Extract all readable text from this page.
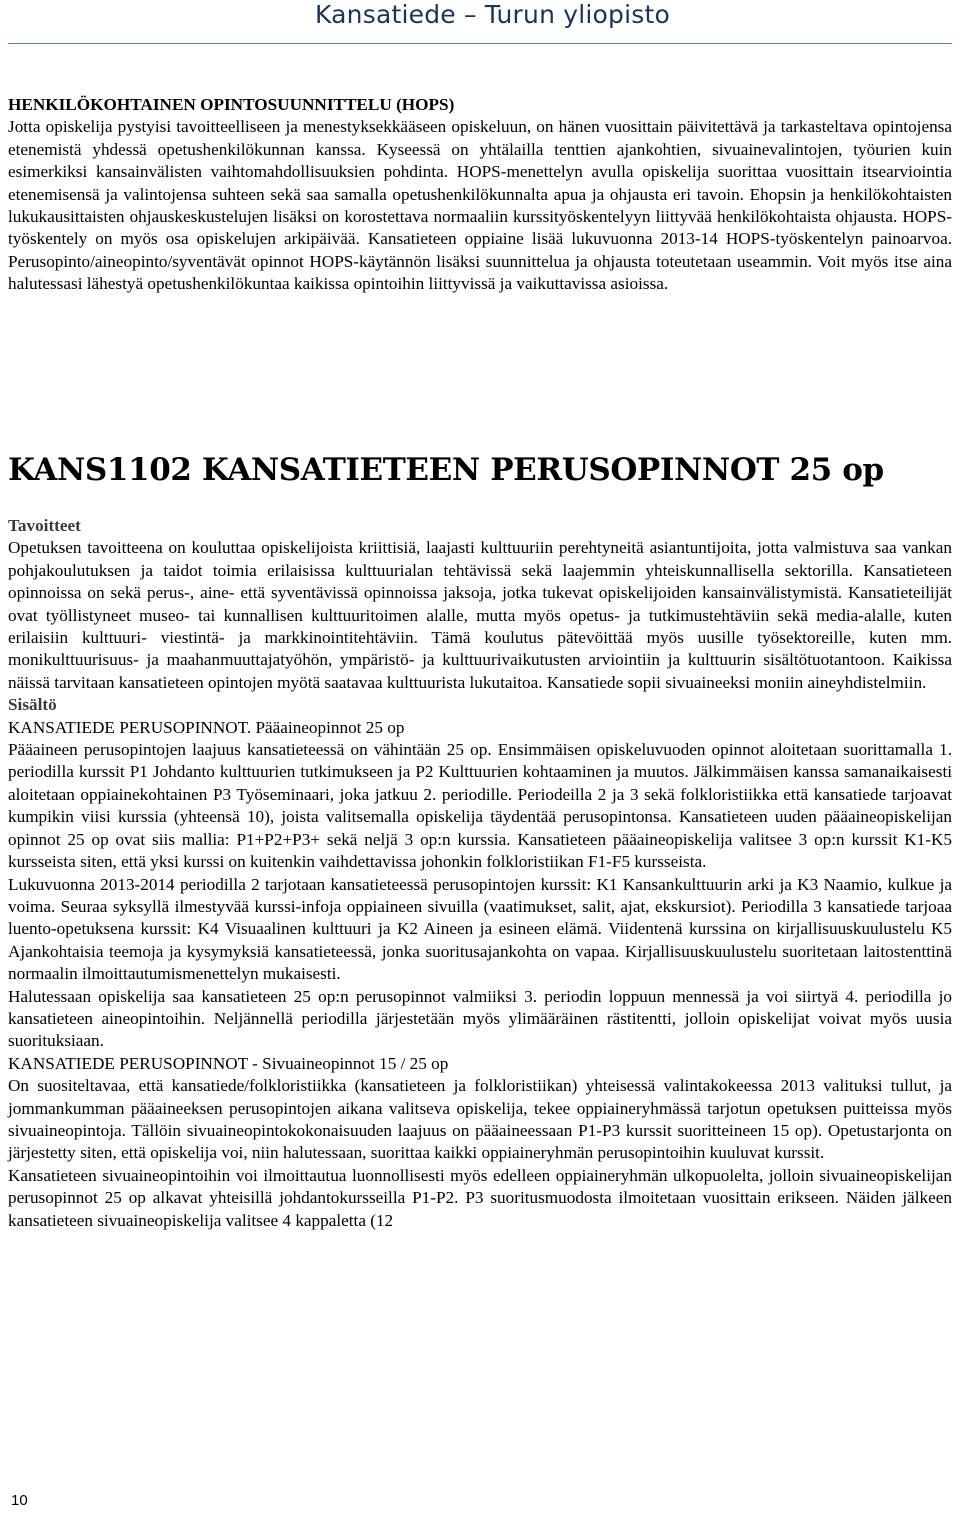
Kansatiede – Turun yliopisto

HENKILÖKOHTAINEN OPINTOSUUNNITTELU (HOPS)

Jotta opiskelija pystyisi tavoitteelliseen ja menestyksekkääseen opiskeluun, on hänen vuosittain päivitettävä ja tarkasteltava opintojensa etenemistä yhdessä opetushenkilökunnan kanssa. Kyseessä on yhtälailla tenttien ajankohtien, sivuainevalintojen, työurien kuin esimerkiksi kansainvälisten vaihtomahdollisuuksien pohdinta. HOPS-menettelyn avulla opiskelija suorittaa vuosittain itsearviointia etenemisensä ja valintojensa suhteen sekä saa samalla opetushenkilökunnalta apua ja ohjausta eri tavoin. Ehopsin ja henkilökohtaisten lukukausittaisten ohjauskeskustelujen lisäksi on korostettava normaaliin kurssityöskentelyyn liittyvää henkilökohtaista ohjausta. HOPS-työskentely on myös osa opiskelujen arkipäivää. Kansatieteen oppiaine lisää lukuvuonna 2013-14 HOPS-työskentelyn painoarvoa. Perusopinto/aineopinto/syventävät opinnot HOPS-käytännön lisäksi suunnittelua ja ohjausta toteutetaan useammin. Voit myös itse aina halutessasi lähestyä opetushenkilökuntaa kaikissa opintoihin liittyvissä ja vaikuttavissa asioissa.

KANS1102 KANSATIETEEN PERUSOPINNOT 25 op

Tavoitteet

Opetuksen tavoitteena on kouluttaa opiskelijoista kriittisiä, laajasti kulttuuriin perehtyneitä asiantuntijoita, jotta valmistuva saa vankan pohjakoulutuksen ja taidot toimia erilaisissa kulttuurialan tehtävissä sekä laajemmin yhteiskunnallisella sektorilla. Kansatieteen opinnoissa on sekä perus-, aine- että syventävissä opinnoissa jaksoja, jotka tukevat opiskelijoiden kansainvälistymistä. Kansatieteilijät ovat työllistyneet museo- tai kunnallisen kulttuuritoimen alalle, mutta myös opetus- ja tutkimustehtäviin sekä media-alalle, kuten erilaisiin kulttuuri- viestintä- ja markkinointitehtäviin. Tämä koulutus pätevöittää myös uusille työsektoreille, kuten mm. monikulttuurisuus- ja maahanmuuttajatyöhön, ympäristö- ja kulttuurivaikutusten arviointiin ja kulttuurin sisältötuotantoon. Kaikissa näissä tarvitaan kansatieteen opintojen myötä saatavaa kulttuurista lukutaitoa. Kansatiede sopii sivuaineeksi moniin aineyhdistelmiin.

Sisältö

KANSATIEDE PERUSOPINNOT. Pääaineopinnot 25 op

Pääaineen perusopintojen laajuus kansatieteessä on vähintään 25 op. Ensimmäisen opiskeluvuoden opinnot aloitetaan suorittamalla 1. periodilla kurssit P1 Johdanto kulttuurien tutkimukseen ja P2 Kulttuurien kohtaaminen ja muutos. Jälkimmäisen kanssa samanaikaisesti aloitetaan oppiainekohtainen P3 Työseminaari, joka jatkuu 2. periodille. Periodeilla 2 ja 3 sekä folkloristiikka että kansatiede tarjoavat kumpikin viisi kurssia (yhteensä 10), joista valitsemalla opiskelija täydentää perusopintonsa. Kansatieteen uuden pääaineopiskelijan opinnot 25 op ovat siis mallia: P1+P2+P3+ sekä neljä 3 op:n kurssia. Kansatieteen pääaineopiskelija valitsee 3 op:n kurssit K1-K5 kursseista siten, että yksi kurssi on kuitenkin vaihdettavissa johonkin folkloristiikan F1-F5 kursseista.

Lukuvuonna 2013-2014 periodilla 2 tarjotaan kansatieteessä perusopintojen kurssit: K1 Kansankulttuurin arki ja K3 Naamio, kulkue ja voima. Seuraa syksyllä ilmestyvää kurssi-infoja oppiaineen sivuilla (vaatimukset, salit, ajat, ekskursiot). Periodilla 3 kansatiede tarjoaa luento-opetuksena kurssit: K4 Visuaalinen kulttuuri ja K2 Aineen ja esineen elämä. Viidentenä kurssina on kirjallisuuskuulustelu K5 Ajankohtaisia teemoja ja kysymyksiä kansatieteessä, jonka suoritusajankohta on vapaa. Kirjallisuuskuulustelu suoritetaan laitostenttinä normaalin ilmoittautumismenettelyn mukaisesti.

Halutessaan opiskelija saa kansatieteen 25 op:n perusopinnot valmiiksi 3. periodin loppuun mennessä ja voi siirtyä 4. periodilla jo kansatieteen aineopintoihin. Neljännellä periodilla järjestetään myös ylimääräinen rästitentti, jolloin opiskelijat voivat myös uusia suorituksiaan.

KANSATIEDE PERUSOPINNOT - Sivuaineopinnot 15 / 25 op

On suositeltavaa, että kansatiede/folkloristiikka (kansatieteen ja folkloristiikan) yhteisessä valintakokeessa 2013 valituksi tullut, ja jommankumman pääaineeksen perusopintojen aikana valitseva opiskelija, tekee oppiaineryhmässä tarjotun opetuksen puitteissa myös sivuaineopintoja. Tällöin sivuaineopintokokonaisuuden laajuus on pääaineessaan P1-P3 kurssit suoritteineen 15 op). Opetustarjonta on järjestetty siten, että opiskelija voi, niin halutessaan, suorittaa kaikki oppiaineryhmän perusopintoihin kuuluvat kurssit.

Kansatieteen sivuaineopintoihin voi ilmoittautua luonnollisesti myös edelleen oppiaineryhmän ulkopuolelta, jolloin sivuaineopiskelijan perusopinnot 25 op alkavat yhteisillä johdantokursseilla P1-P2. P3 suoritusmuodosta ilmoitetaan vuosittain erikseen. Näiden jälkeen kansatieteen sivuaineopiskelija valitsee 4 kappaletta (12

10
